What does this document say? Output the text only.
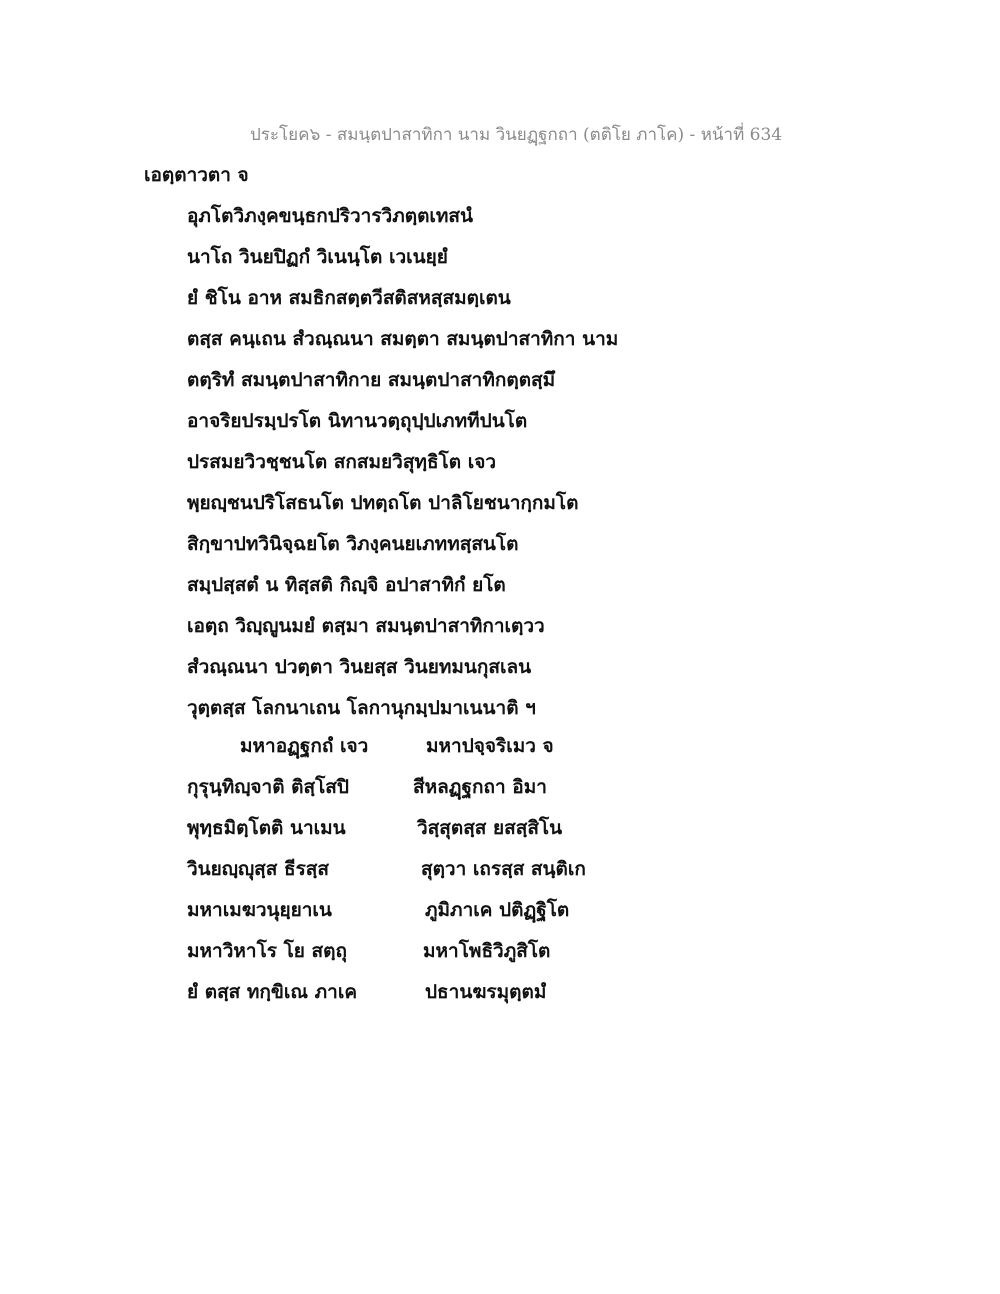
ประโยค๖ - สมนฺตปาสาทิกา นาม วินยฏฺฐกถา (ตติโย ภาโค) - หน้าที่ 634
เอตฺตาวตา จ
อุภโตวิภงฺคขนฺธกปริวารวิภตฺตเทสนํ
นาโถ วินยปิฏกํ วิเนนฺโต เวเนยฺยํ
ยํ ชิโน อาห สมธิกสตฺตวีสติสหสฺสมตฺเตน
ตสฺส คนฺเถน สํวณฺณนา สมตฺตา สมนฺตปาสาทิกา นาม
ตตฺริทํ สมนฺตปาสาทิกาย สมนฺตปาสาทิกตฺตสฺมึ
อาจริยปรมฺปรโต นิทานวตฺถุปฺปเภททีปนโต
ปรสมยวิวชฺชนโต สกสมยวิสุทฺธิโต เจว
พฺยญฺชนปริโสธนโต ปทตฺถโต ปาลิโยชนากฺกมโต
สิกฺขาปทวินิจฺฉยโต วิภงฺคนยเภททสฺสนโต
สมฺปสฺสตํ น ทิสฺสติ กิญฺจิ อปาสาทิกํ ยโต
เอตฺถ วิญฺญูนมยํ ตสฺมา สมนฺตปาสาทิกาเตฺวว
สํวณฺณนา ปวตฺตา วินยสฺส วินยทมนกุสเลน
วุตฺตสฺส โลกนาเถน โลกานุกมฺปมาเนนาติ ฯ
มหาอฏฺฐกถํ เจว	มหาปจฺจริเมว จ
กุรุนฺทิญฺจาติ ติสฺโสปิ	สีหลฏฺฐกถา อิมา
พุทฺธมิตฺโตติ นาเมน	วิสฺสุตสฺส ยสสฺสิโน
วินยญฺญุสฺส ธีรสฺส	สุตฺวา เถรสฺส สนฺติเก
มหาเมฆวนุยฺยาเน	ภูมิภาเค ปติฏฺฐิโต
มหาวิหาโร โย สตฺถุ	มหาโพธิวิภูสิโต
ยํ ตสฺส ทกฺขิเณ ภาเค	ปธานฆรมุตฺตมํ
